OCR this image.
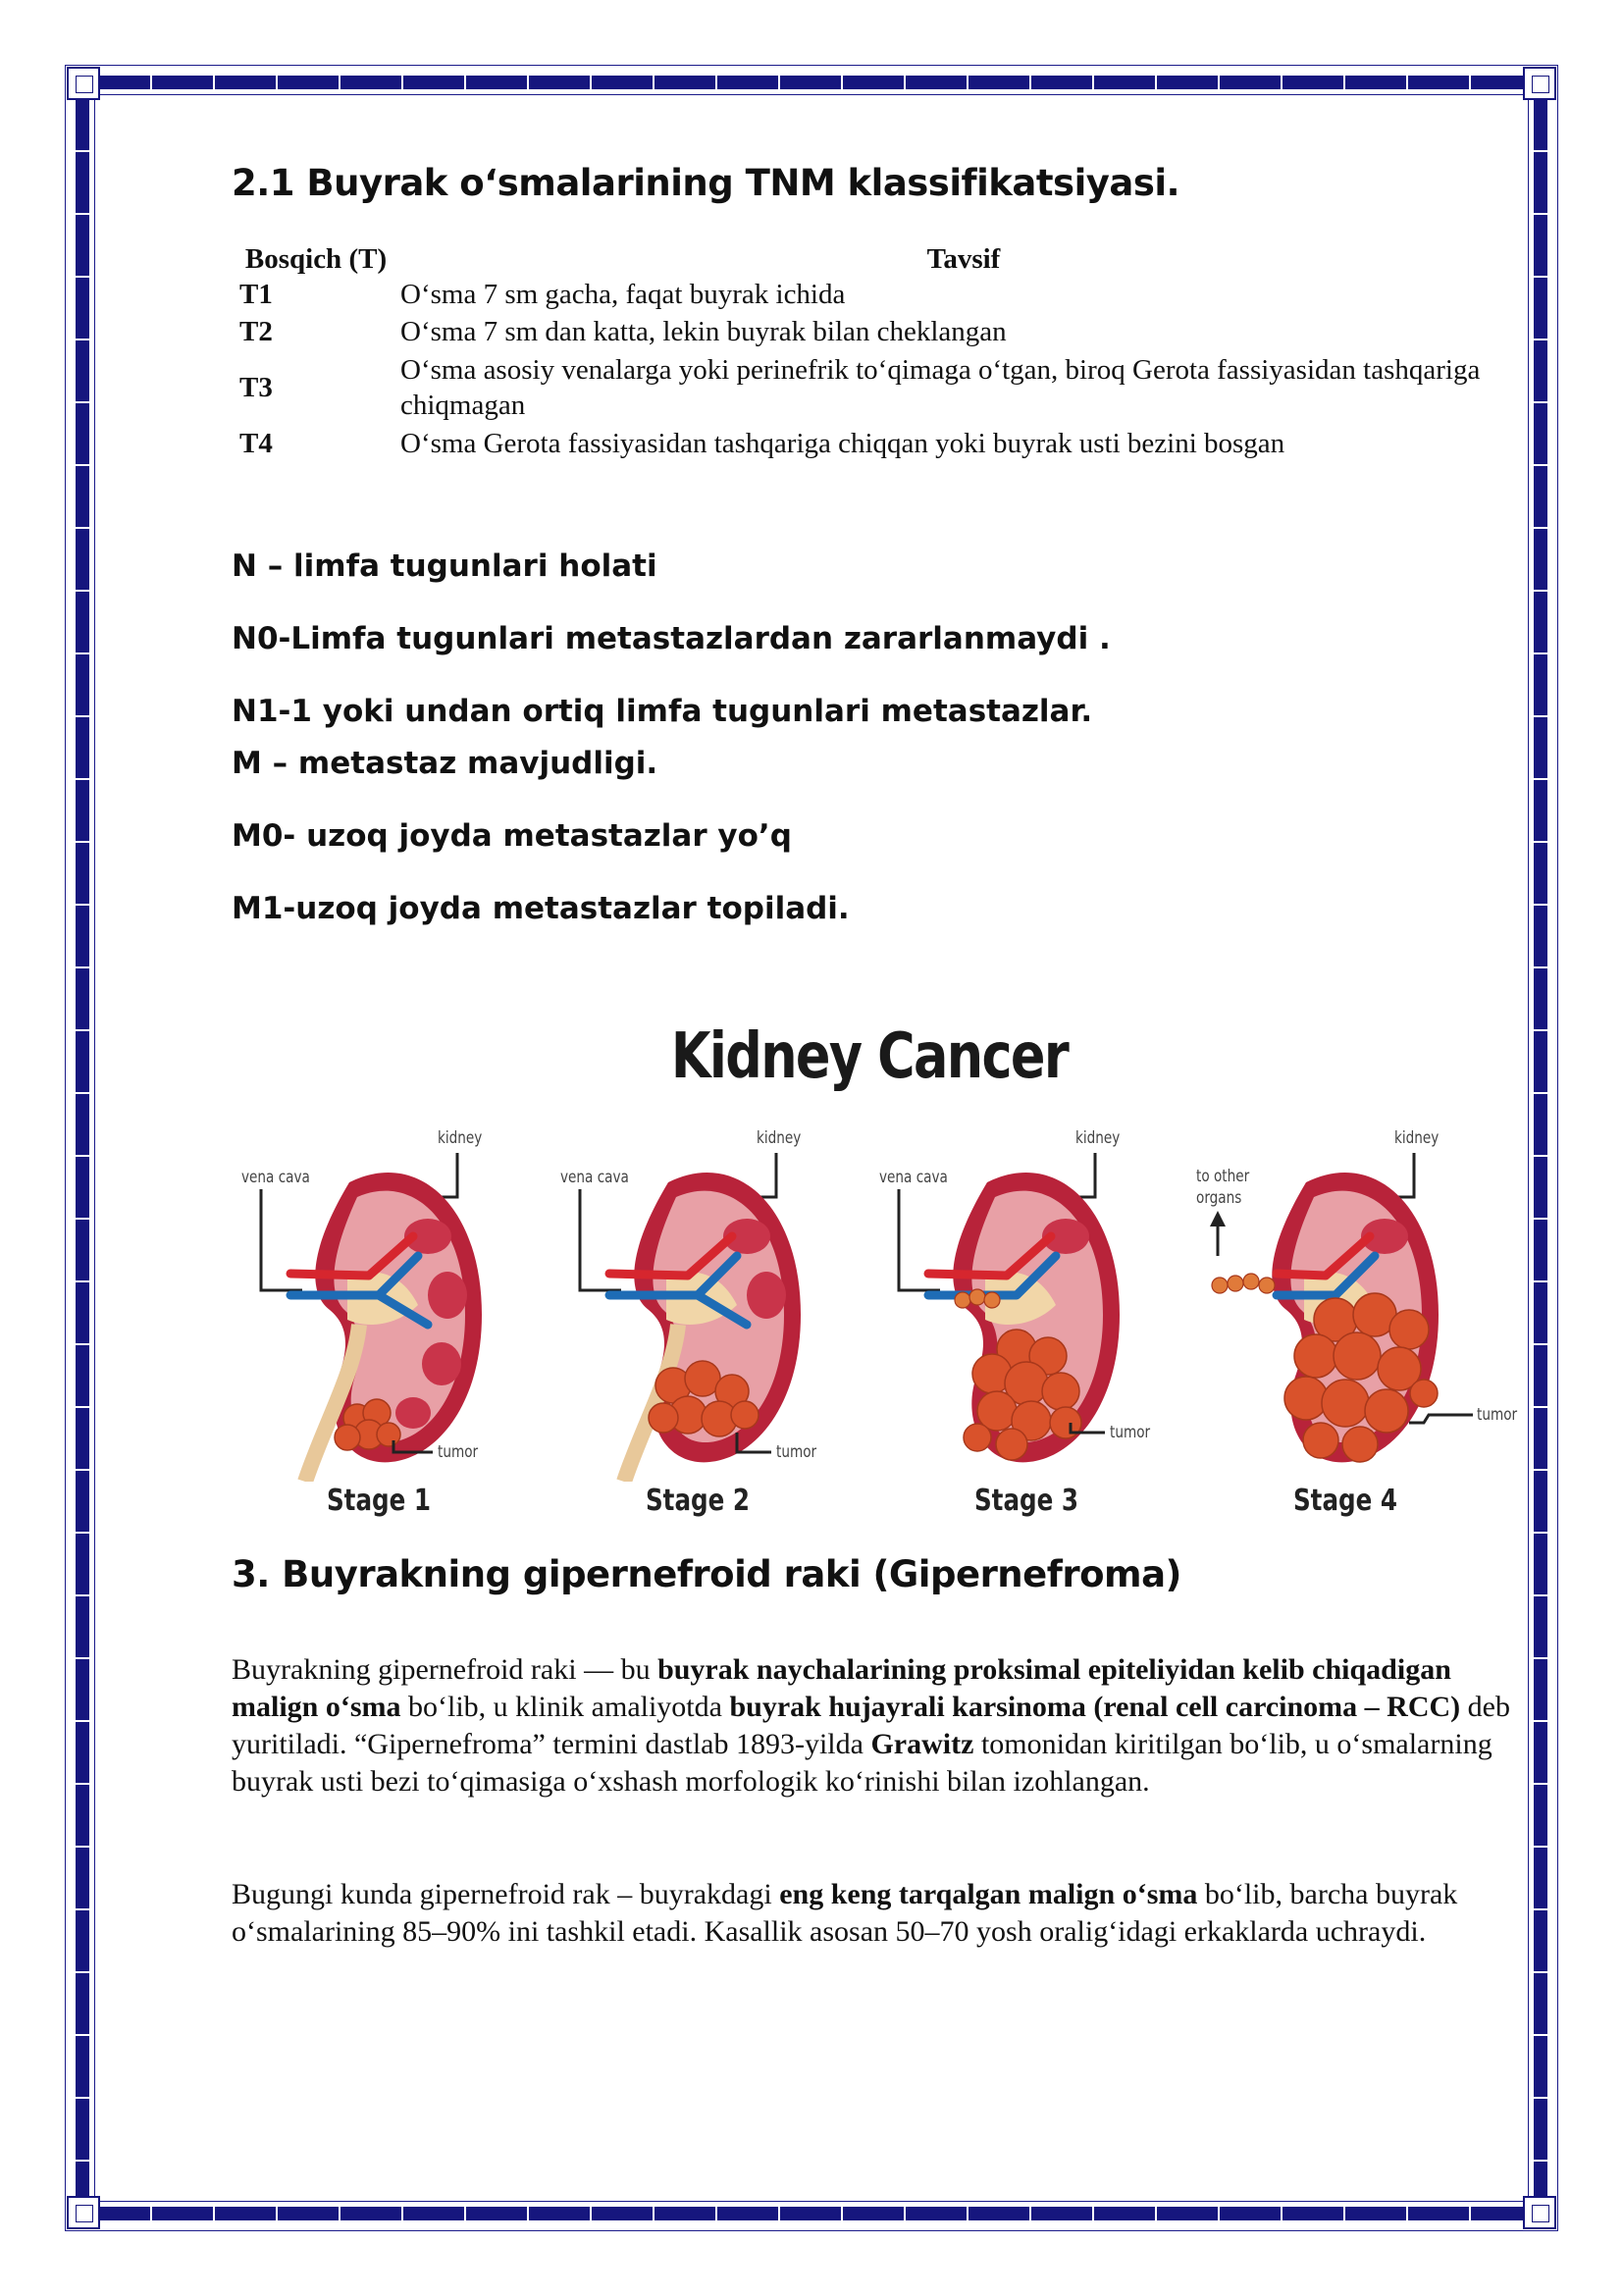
2.1 Buyrak o‘smalarining TNM klassifikatsiyasi.
Bosqich (T)	Tavsif
T1	O‘sma 7 sm gacha, faqat buyrak ichida
T2	O‘sma 7 sm dan katta, lekin buyrak bilan cheklangan
T3	O‘sma asosiy venalarga yoki perinefrik to‘qimaga o‘tgan, biroq Gerota fassiyasidan tashqariga chiqmagan
T4	O‘sma Gerota fassiyasidan tashqariga chiqqan yoki buyrak usti bezini bosgan

N – limfa tugunlari holati

N0-Limfa tugunlari metastazlardan zararlanmaydi .

N1-1 yoki undan ortiq limfa tugunlari metastazlar.

M – metastaz mavjudligi.

M0- uzoq joyda metastazlar yo’q

M1-uzoq joyda metastazlar topiladi.

Kidney Cancer
kidney
vena cava
tumor
Stage 1
kidney
vena cava
tumor
Stage 2
kidney
vena cava
tumor
Stage 3
kidney
to other organs
tumor
Stage 4
3. Buyrakning gipernefroid raki (Gipernefroma)

Buyrakning gipernefroid raki — bu buyrak naychalarining proksimal epiteliyidan kelib chiqadigan malign o‘sma bo‘lib, u klinik amaliyotda buyrak hujayrali karsinoma (renal cell carcinoma – RCC) deb yuritiladi. “Gipernefroma” termini dastlab 1893-yilda Grawitz tomonidan kiritilgan bo‘lib, u o‘smalarning buyrak usti bezi to‘qimasiga o‘xshash morfologik ko‘rinishi bilan izohlangan.

Bugungi kunda gipernefroid rak – buyrakdagi eng keng tarqalgan malign o‘sma bo‘lib, barcha buyrak o‘smalarining 85–90% ini tashkil etadi. Kasallik asosan 50–70 yosh oralig‘idagi erkaklarda uchraydi.
